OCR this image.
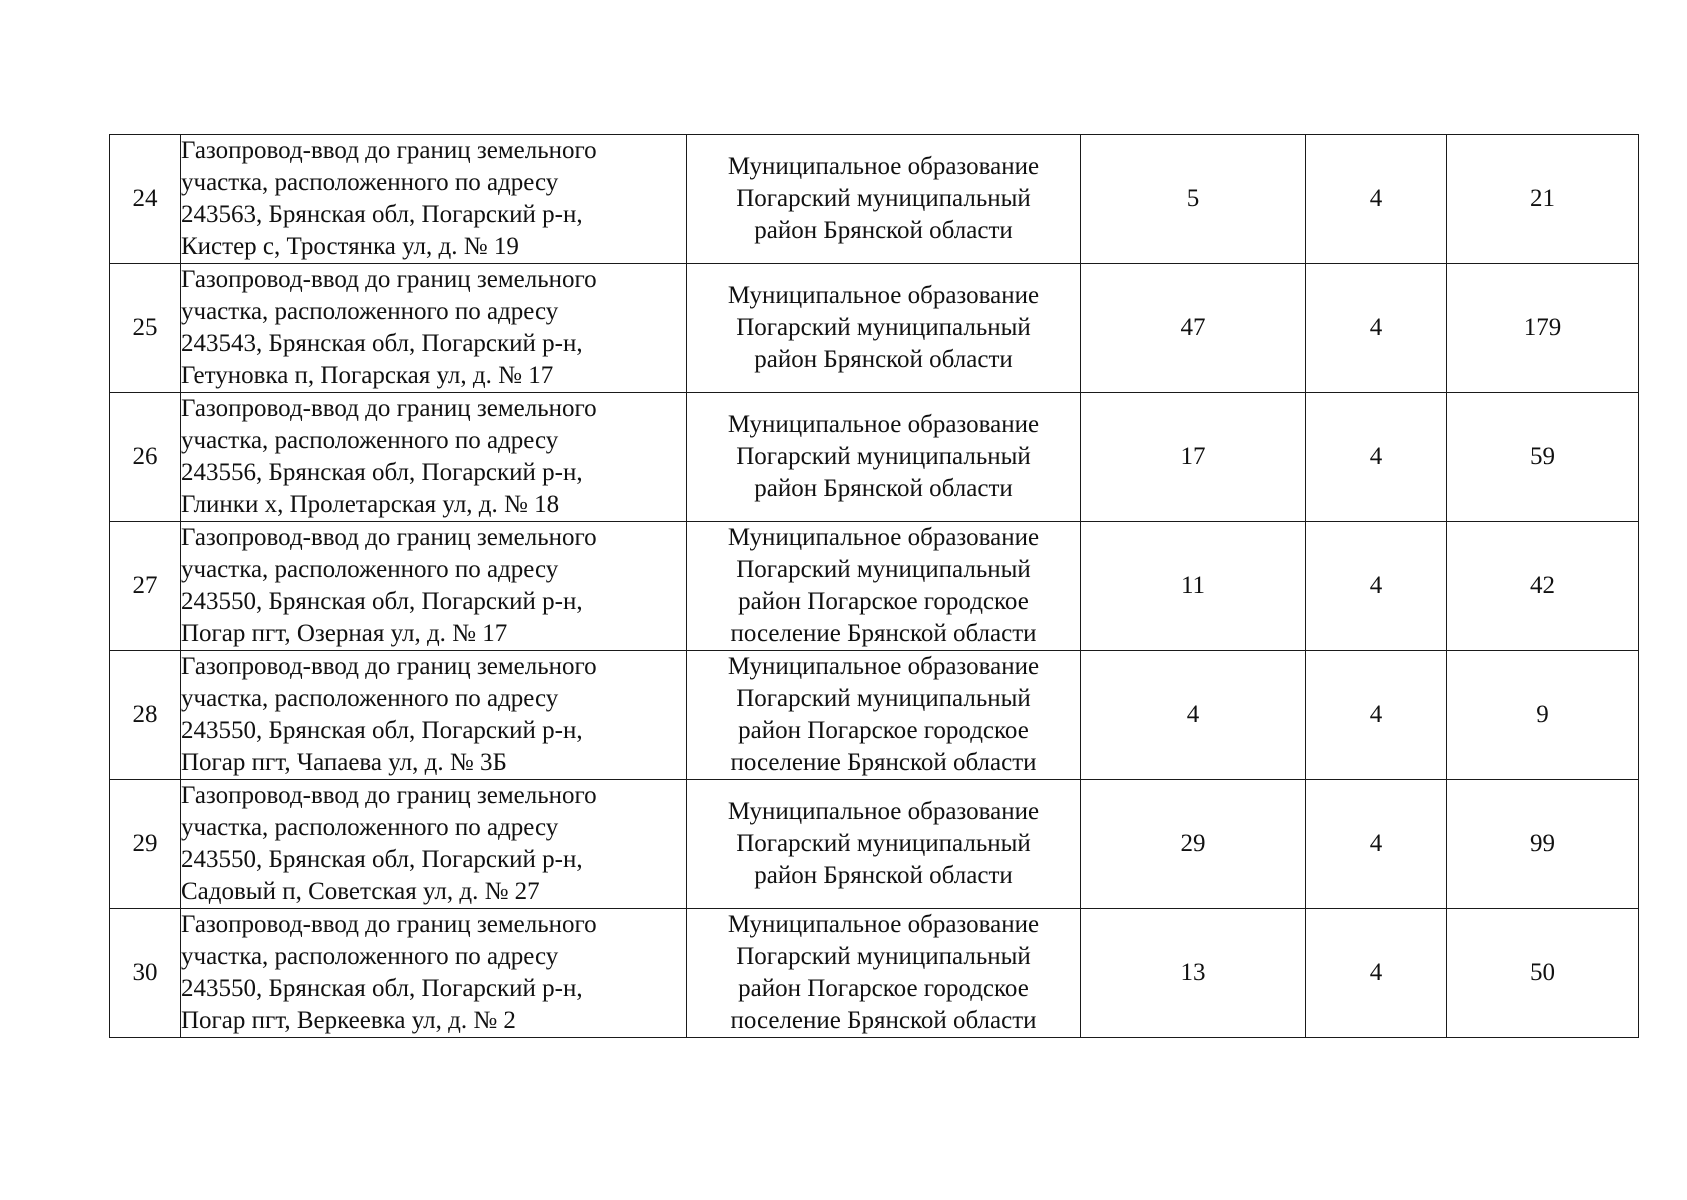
24	Газопровод-ввод до границ земельного
участка, расположенного по адресу
243563, Брянская обл, Погарский р-н,
Кистер с, Тростянка ул, д. № 19	Муниципальное образование
Погарский муниципальный
район Брянской области	5	4	21
25	Газопровод-ввод до границ земельного
участка, расположенного по адресу
243543, Брянская обл, Погарский р-н,
Гетуновка п, Погарская ул, д. № 17	Муниципальное образование
Погарский муниципальный
район Брянской области	47	4	179
26	Газопровод-ввод до границ земельного
участка, расположенного по адресу
243556, Брянская обл, Погарский р-н,
Глинки х, Пролетарская ул, д. № 18	Муниципальное образование
Погарский муниципальный
район Брянской области	17	4	59
27	Газопровод-ввод до границ земельного
участка, расположенного по адресу
243550, Брянская обл, Погарский р-н,
Погар пгт, Озерная ул, д. № 17	Муниципальное образование
Погарский муниципальный
район Погарское городское
поселение Брянской области	11	4	42
28	Газопровод-ввод до границ земельного
участка, расположенного по адресу
243550, Брянская обл, Погарский р-н,
Погар пгт, Чапаева ул, д. № 3Б	Муниципальное образование
Погарский муниципальный
район Погарское городское
поселение Брянской области	4	4	9
29	Газопровод-ввод до границ земельного
участка, расположенного по адресу
243550, Брянская обл, Погарский р-н,
Садовый п, Советская ул, д. № 27	Муниципальное образование
Погарский муниципальный
район Брянской области	29	4	99
30	Газопровод-ввод до границ земельного
участка, расположенного по адресу
243550, Брянская обл, Погарский р-н,
Погар пгт, Веркеевка ул, д. № 2	Муниципальное образование
Погарский муниципальный
район Погарское городское
поселение Брянской области	13	4	50
